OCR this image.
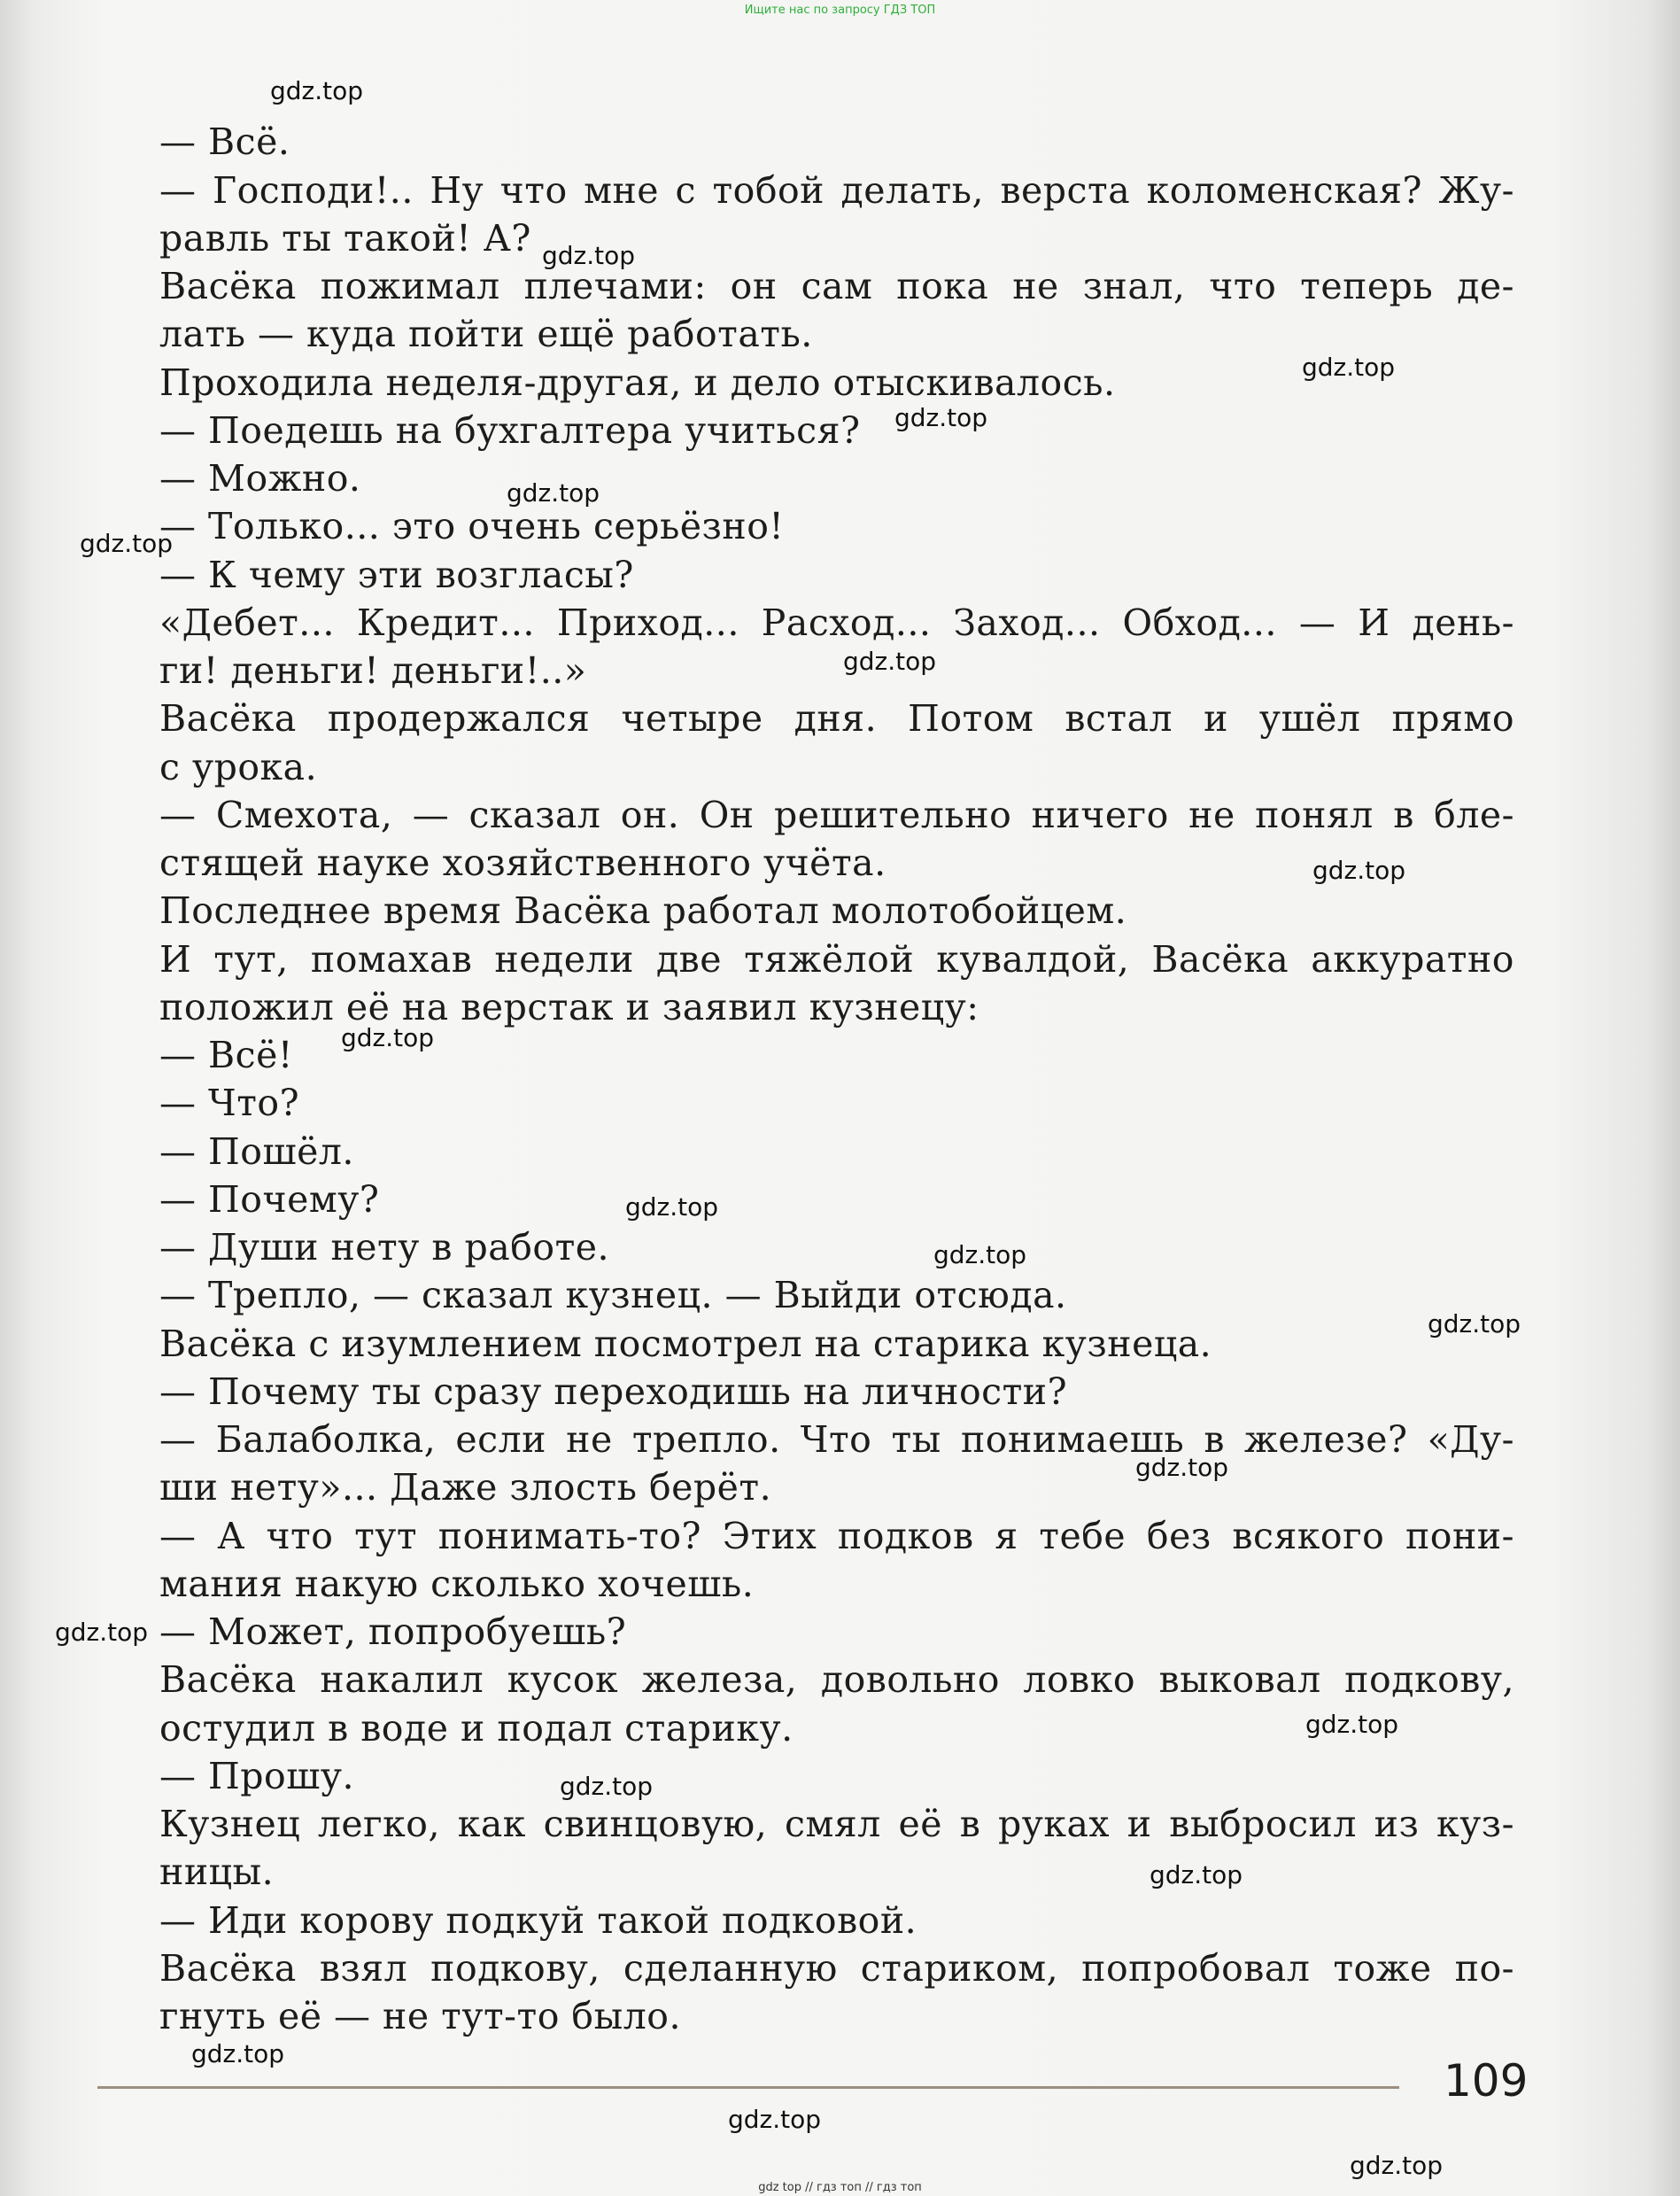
Ищите нас по запросу ГДЗ ТОП
— Всё.
— Господи!.. Ну что мне с тобой делать, верста коломенская? Жу-
равль ты такой! А?
Васёка пожимал плечами: он сам пока не знал, что теперь де-
лать — куда пойти ещё работать.
Проходила неделя-другая, и дело отыскивалось.
— Поедешь на бухгалтера учиться?
— Можно.
— Только... это очень серьёзно!
— К чему эти возгласы?
«Дебет... Кредит... Приход... Расход... Заход... Обход... — И день-
ги! деньги! деньги!..»
Васёка продержался четыре дня. Потом встал и ушёл прямо
с урока.
— Смехота, — сказал он. Он решительно ничего не понял в бле-
стящей науке хозяйственного учёта.
Последнее время Васёка работал молотобойцем.
И тут, помахав недели две тяжёлой кувалдой, Васёка аккуратно
положил её на верстак и заявил кузнецу:
— Всё!
— Что?
— Пошёл.
— Почему?
— Души нету в работе.
— Трепло, — сказал кузнец. — Выйди отсюда.
Васёка с изумлением посмотрел на старика кузнеца.
— Почему ты сразу переходишь на личности?
— Балаболка, если не трепло. Что ты понимаешь в железе? «Ду-
ши нету»... Даже злость берёт.
— А что тут понимать-то? Этих подков я тебе без всякого пони-
мания накую сколько хочешь.
— Может, попробуешь?
Васёка накалил кусок железа, довольно ловко выковал подкову,
остудил в воде и подал старику.
— Прошу.
Кузнец легко, как свинцовую, смял её в руках и выбросил из куз-
ницы.
— Иди корову подкуй такой подковой.
Васёка взял подкову, сделанную стариком, попробовал тоже по-
гнуть её — не тут-то было.
gdz.top
gdz.top
gdz.top
gdz.top
gdz.top
gdz.top
gdz.top
gdz.top
gdz.top
gdz.top
gdz.top
gdz.top
gdz.top
gdz.top
gdz.top
gdz.top
gdz.top
gdz.top
gdz.top
gdz.top
109
gdz top // гдз топ // гдз топ
